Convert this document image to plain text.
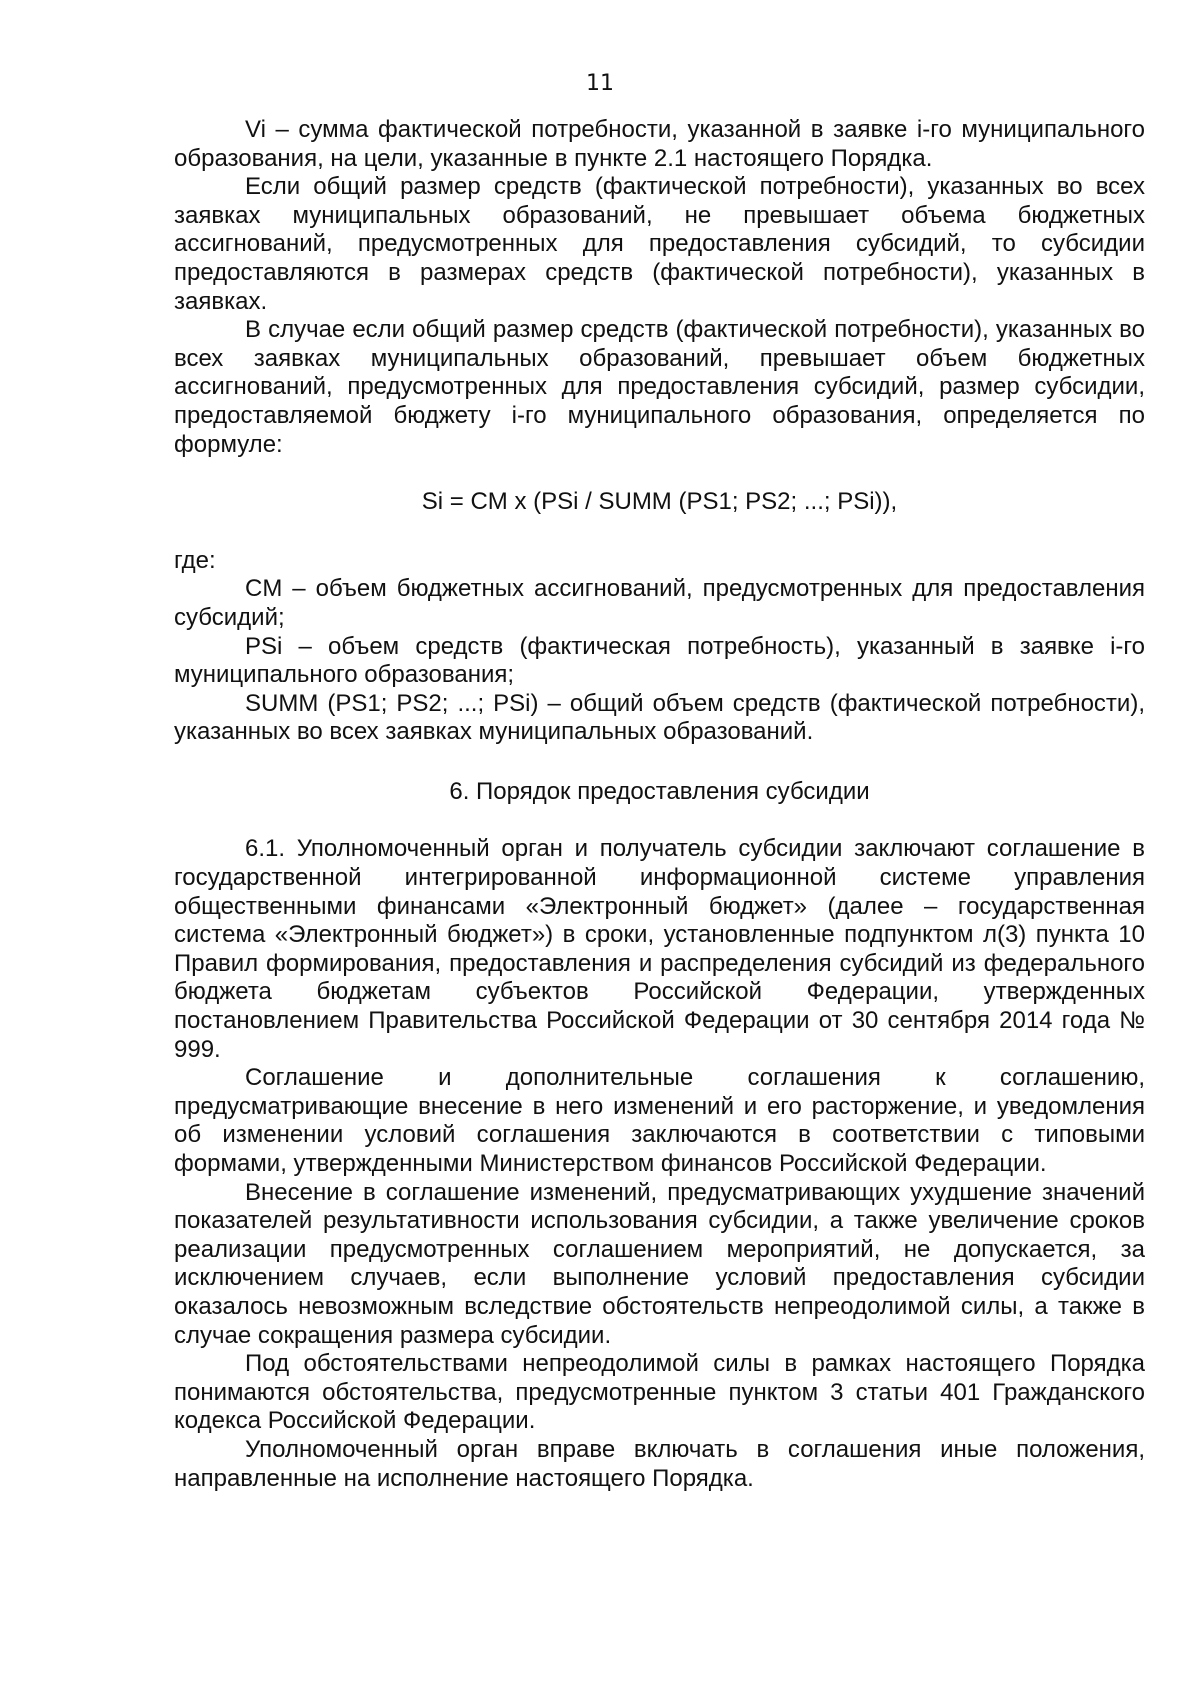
11

Vi – сумма фактической потребности, указанной в заявке i-го муниципального образования, на цели, указанные в пункте 2.1 настоящего Порядка.

Если общий размер средств (фактической потребности), указанных во всех заявках муниципальных образований, не превышает объема бюджетных ассигнований, предусмотренных для предоставления субсидий, то субсидии предоставляются в размерах средств (фактической потребности), указанных в заявках.

В случае если общий размер средств (фактической потребности), указанных во всех заявках муниципальных образований, превышает объем бюджетных ассигнований, предусмотренных для предоставления субсидий, размер субсидии, предоставляемой бюджету i-го муниципального образования, определяется по формуле:

Si = CM x (PSi / SUMM (PS1; PS2; ...; PSi)),

где:

CM – объем бюджетных ассигнований, предусмотренных для предоставления субсидий;

PSi – объем средств (фактическая потребность), указанный в заявке i-го муниципального образования;

SUMM (PS1; PS2; ...; PSi) – общий объем средств (фактической потребности), указанных во всех заявках муниципальных образований.

6. Порядок предоставления субсидии

6.1. Уполномоченный орган и получатель субсидии заключают соглашение в государственной интегрированной информационной системе управления общественными финансами «Электронный бюджет» (далее – государственная система «Электронный бюджет») в сроки, установленные подпунктом л(3) пункта 10 Правил формирования, предоставления и распределения субсидий из федерального бюджета бюджетам субъектов Российской Федерации, утвержденных постановлением Правительства Российской Федерации от 30 сентября 2014 года № 999.

Соглашение и дополнительные соглашения к соглашению, предусматривающие внесение в него изменений и его расторжение, и уведомления об изменении условий соглашения заключаются в соответствии с типовыми формами, утвержденными Министерством финансов Российской Федерации.

Внесение в соглашение изменений, предусматривающих ухудшение значений показателей результативности использования субсидии, а также увеличение сроков реализации предусмотренных соглашением мероприятий, не допускается, за исключением случаев, если выполнение условий предоставления субсидии оказалось невозможным вследствие обстоятельств непреодолимой силы, а также в случае сокращения размера субсидии.

Под обстоятельствами непреодолимой силы в рамках настоящего Порядка понимаются обстоятельства, предусмотренные пунктом 3 статьи 401 Гражданского кодекса Российской Федерации.

Уполномоченный орган вправе включать в соглашения иные положения, направленные на исполнение настоящего Порядка.
